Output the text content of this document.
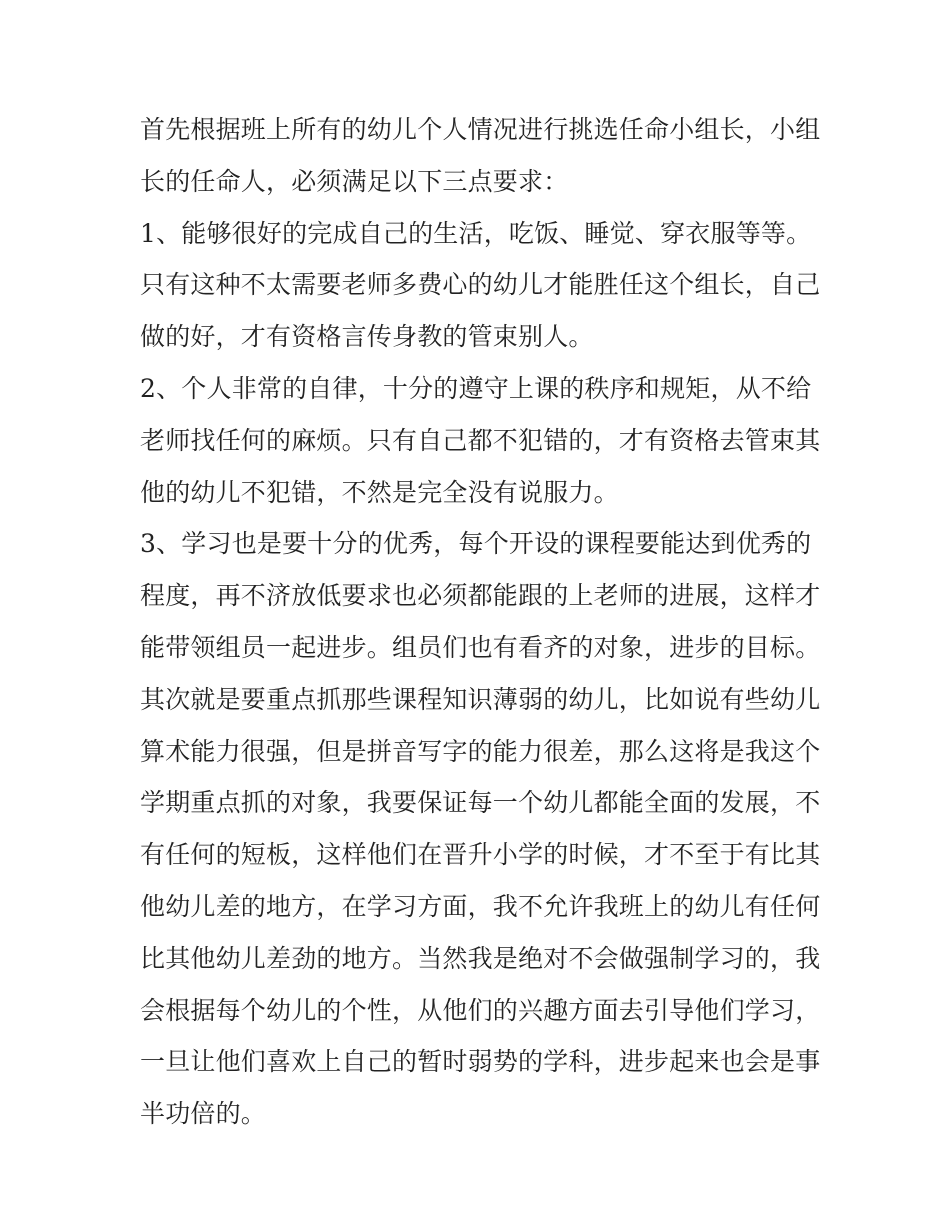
首先根据班上所有的幼儿个人情况进行挑选任命小组长，小组
长的任命人，必须满足以下三点要求：
1、能够很好的完成自己的生活，吃饭、睡觉、穿衣服等等。
只有这种不太需要老师多费心的幼儿才能胜任这个组长，自己
做的好，才有资格言传身教的管束别人。
2、个人非常的自律，十分的遵守上课的秩序和规矩，从不给
老师找任何的麻烦。只有自己都不犯错的，才有资格去管束其
他的幼儿不犯错，不然是完全没有说服力。
3、学习也是要十分的优秀，每个开设的课程要能达到优秀的
程度，再不济放低要求也必须都能跟的上老师的进展，这样才
能带领组员一起进步。组员们也有看齐的对象，进步的目标。
其次就是要重点抓那些课程知识薄弱的幼儿，比如说有些幼儿
算术能力很强，但是拼音写字的能力很差，那么这将是我这个
学期重点抓的对象，我要保证每一个幼儿都能全面的发展，不
有任何的短板，这样他们在晋升小学的时候，才不至于有比其
他幼儿差的地方，在学习方面，我不允许我班上的幼儿有任何
比其他幼儿差劲的地方。当然我是绝对不会做强制学习的，我
会根据每个幼儿的个性，从他们的兴趣方面去引导他们学习，
一旦让他们喜欢上自己的暂时弱势的学科，进步起来也会是事
半功倍的。
